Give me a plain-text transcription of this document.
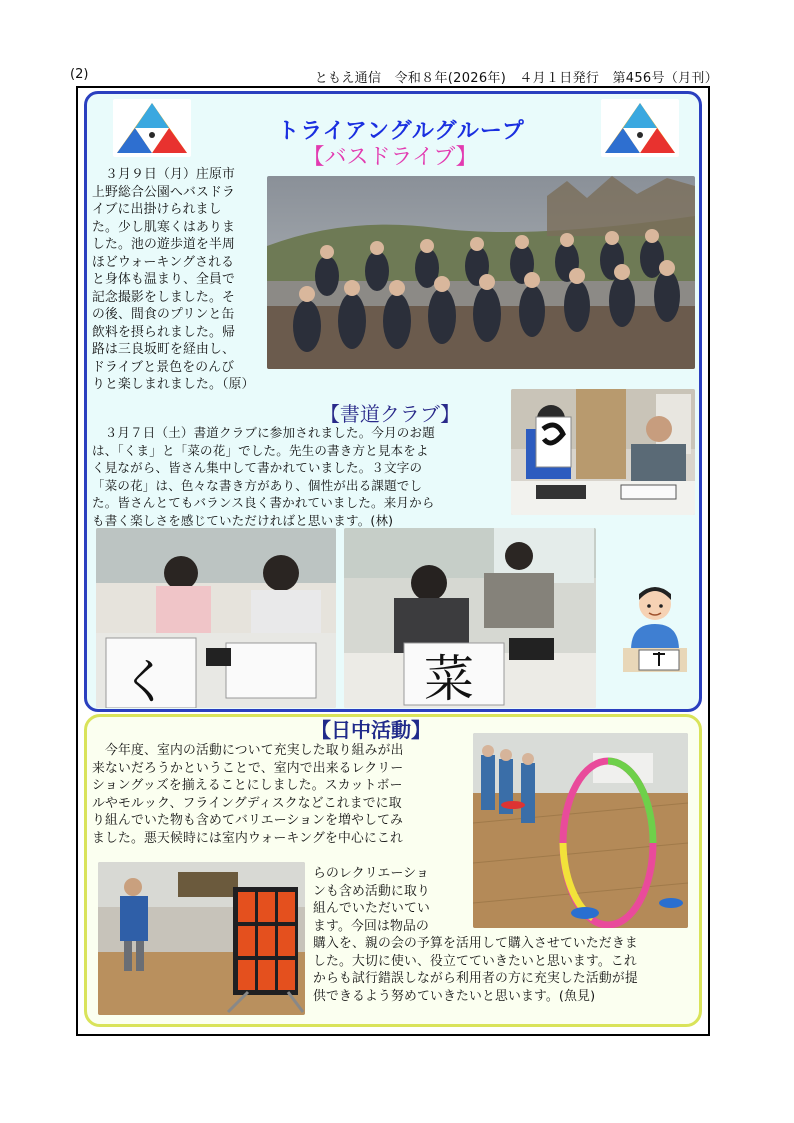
(2)	ともえ通信　令和８年(2026年)　４月１日発行　第456号（月刊）
トライアングルグループ
【バスドライブ】
　３月９日（月）庄原市
上野総合公園へバスドラ
イブに出掛けられまし
た。少し肌寒くはありま
した。池の遊歩道を半周
ほどウォーキングされる
と身体も温まり、全員で
記念撮影をしました。そ
の後、間食のプリンと缶
飲料を摂られました。帰
路は三良坂町を経由し、
ドライブと景色をのんび
りと楽しまれました。（原）
【書道クラブ】
　３月７日（土）書道クラブに参加されました。今月のお題
は、「くま」と「菜の花」でした。先生の書き方と見本をよ
く見ながら、皆さん集中して書かれていました。３文字の
「菜の花」は、色々な書き方があり、個性が出る課題でし
た。皆さんとてもバランス良く書かれていました。来月から
も書く楽しさを感じていただければと思います。(林)
く	菜
【日中活動】
　今年度、室内の活動について充実した取り組みが出
来ないだろうかということで、室内で出来るレクリー
ショングッズを揃えることにしました。スカットボー
ルやモルック、フライングディスクなどこれまでに取
り組んでいた物も含めてバリエーションを増やしてみ
ました。悪天候時には室内ウォーキングを中心にこれ
らのレクリエーショ
ンも含め活動に取り
組んでいただいてい
ます。今回は物品の
購入を、親の会の予算を活用して購入させていただきま
した。大切に使い、役立てていきたいと思います。これ
からも試行錯誤しながら利用者の方に充実した活動が提
供できるよう努めていきたいと思います。(魚見)
